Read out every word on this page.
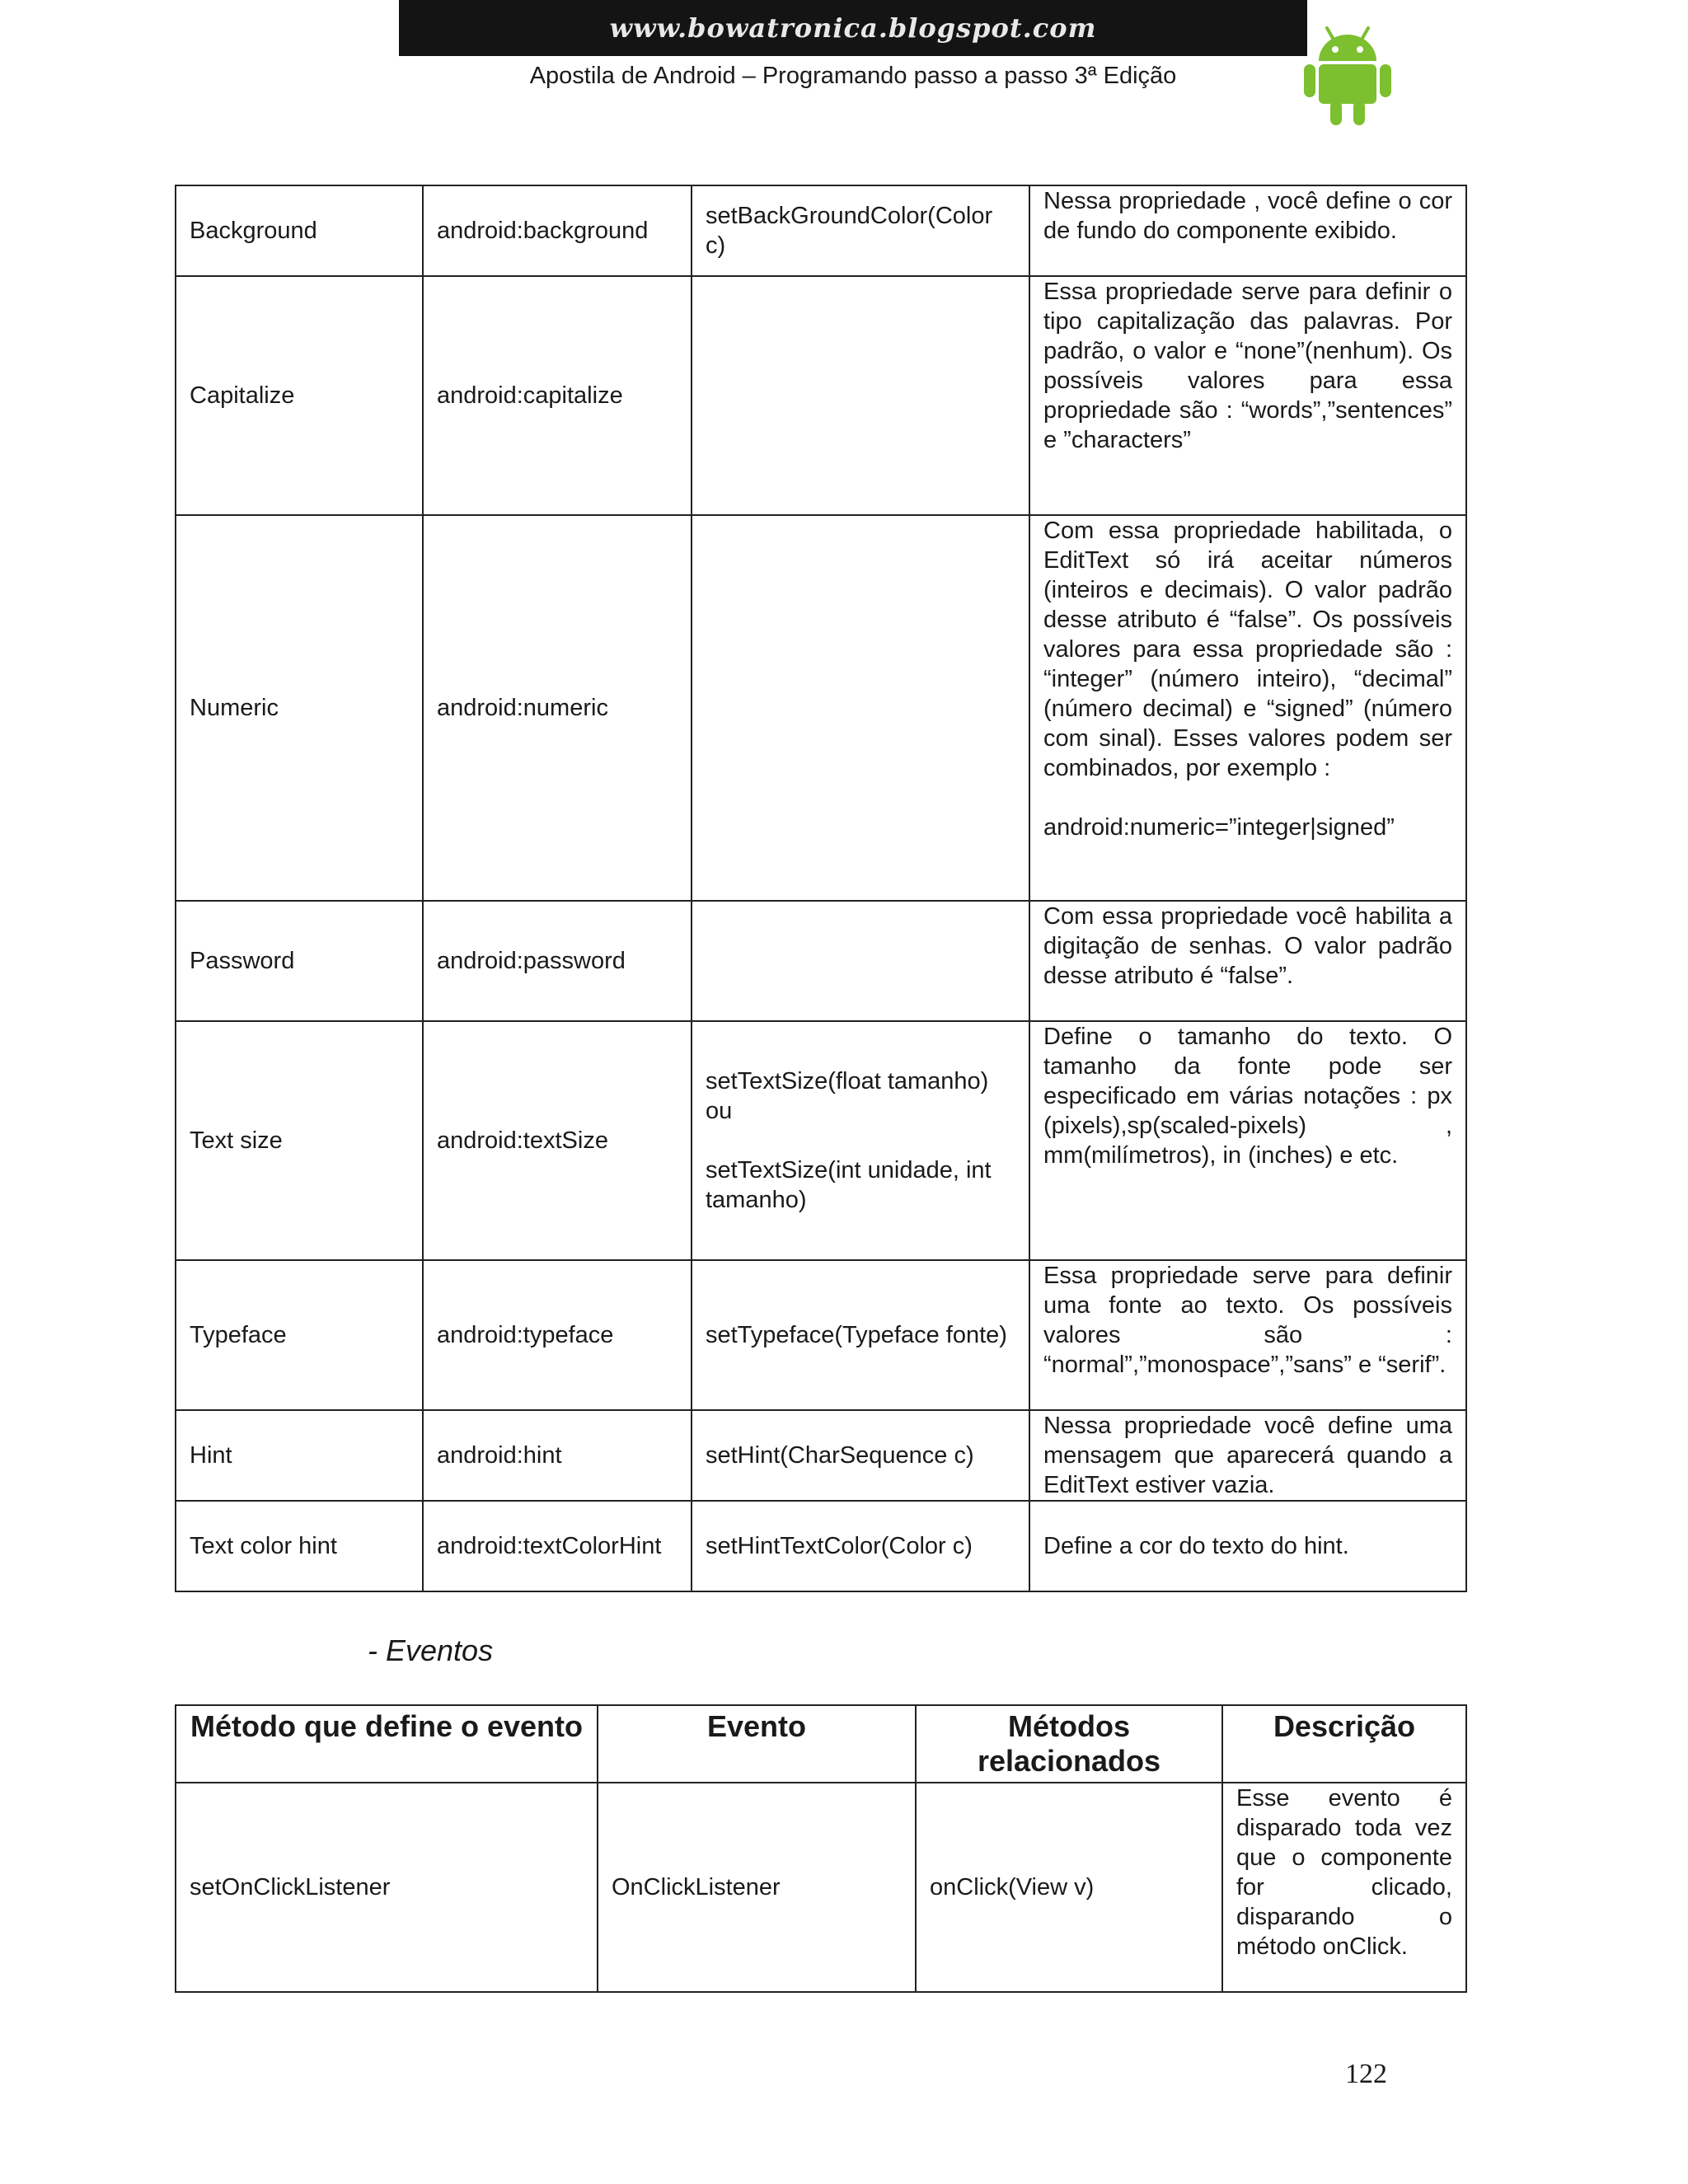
www.bowatronica.blogspot.com
Apostila de Android – Programando passo a passo 3ª Edição
Background	android:background	setBackGroundColor(Color c)	Nessa propriedade , você define o cor de fundo do componente exibido.
Capitalize	android:capitalize		Essa propriedade serve para definir o tipo capitalização das palavras. Por padrão, o valor e “none”(nenhum). Os possíveis valores para essa propriedade são : “words”,”sentences” e ”characters”
Numeric	android:numeric		Com essa propriedade habilitada, o EditText só irá aceitar números (inteiros e decimais). O valor padrão desse atributo é “false”. Os possíveis valores para essa propriedade são : “integer” (número inteiro), “decimal” (número decimal) e “signed” (número com sinal). Esses valores podem ser combinados, por exemplo :
android:numeric=”integer|signed”

Password	android:password		Com essa propriedade você habilita a digitação de senhas. O valor padrão desse atributo é “false”.
Text size	android:textSize	setTextSize(float tamanho) ou
setTextSize(int unidade, int tamanho)	Define o tamanho do texto. O tamanho da fonte pode ser especificado em várias notações : px (pixels),sp(scaled-pixels) , mm(milímetros), in (inches) e etc.
Typeface	android:typeface	setTypeface(Typeface fonte)	Essa propriedade serve para definir uma fonte ao texto. Os possíveis valores são : “normal”,”monospace”,”sans” e “serif”.
Hint	android:hint	setHint(CharSequence c)	Nessa propriedade você define uma mensagem que aparecerá quando a EditText estiver vazia.
Text color hint	android:textColorHint	setHintTextColor(Color c)	Define a cor do texto do hint.
- Eventos
Método que define o evento	Evento	Métodos relacionados	Descrição
setOnClickListener	OnClickListener	onClick(View v)	Esse evento é disparado toda vez que o componente for clicado, disparando o método onClick.
122
